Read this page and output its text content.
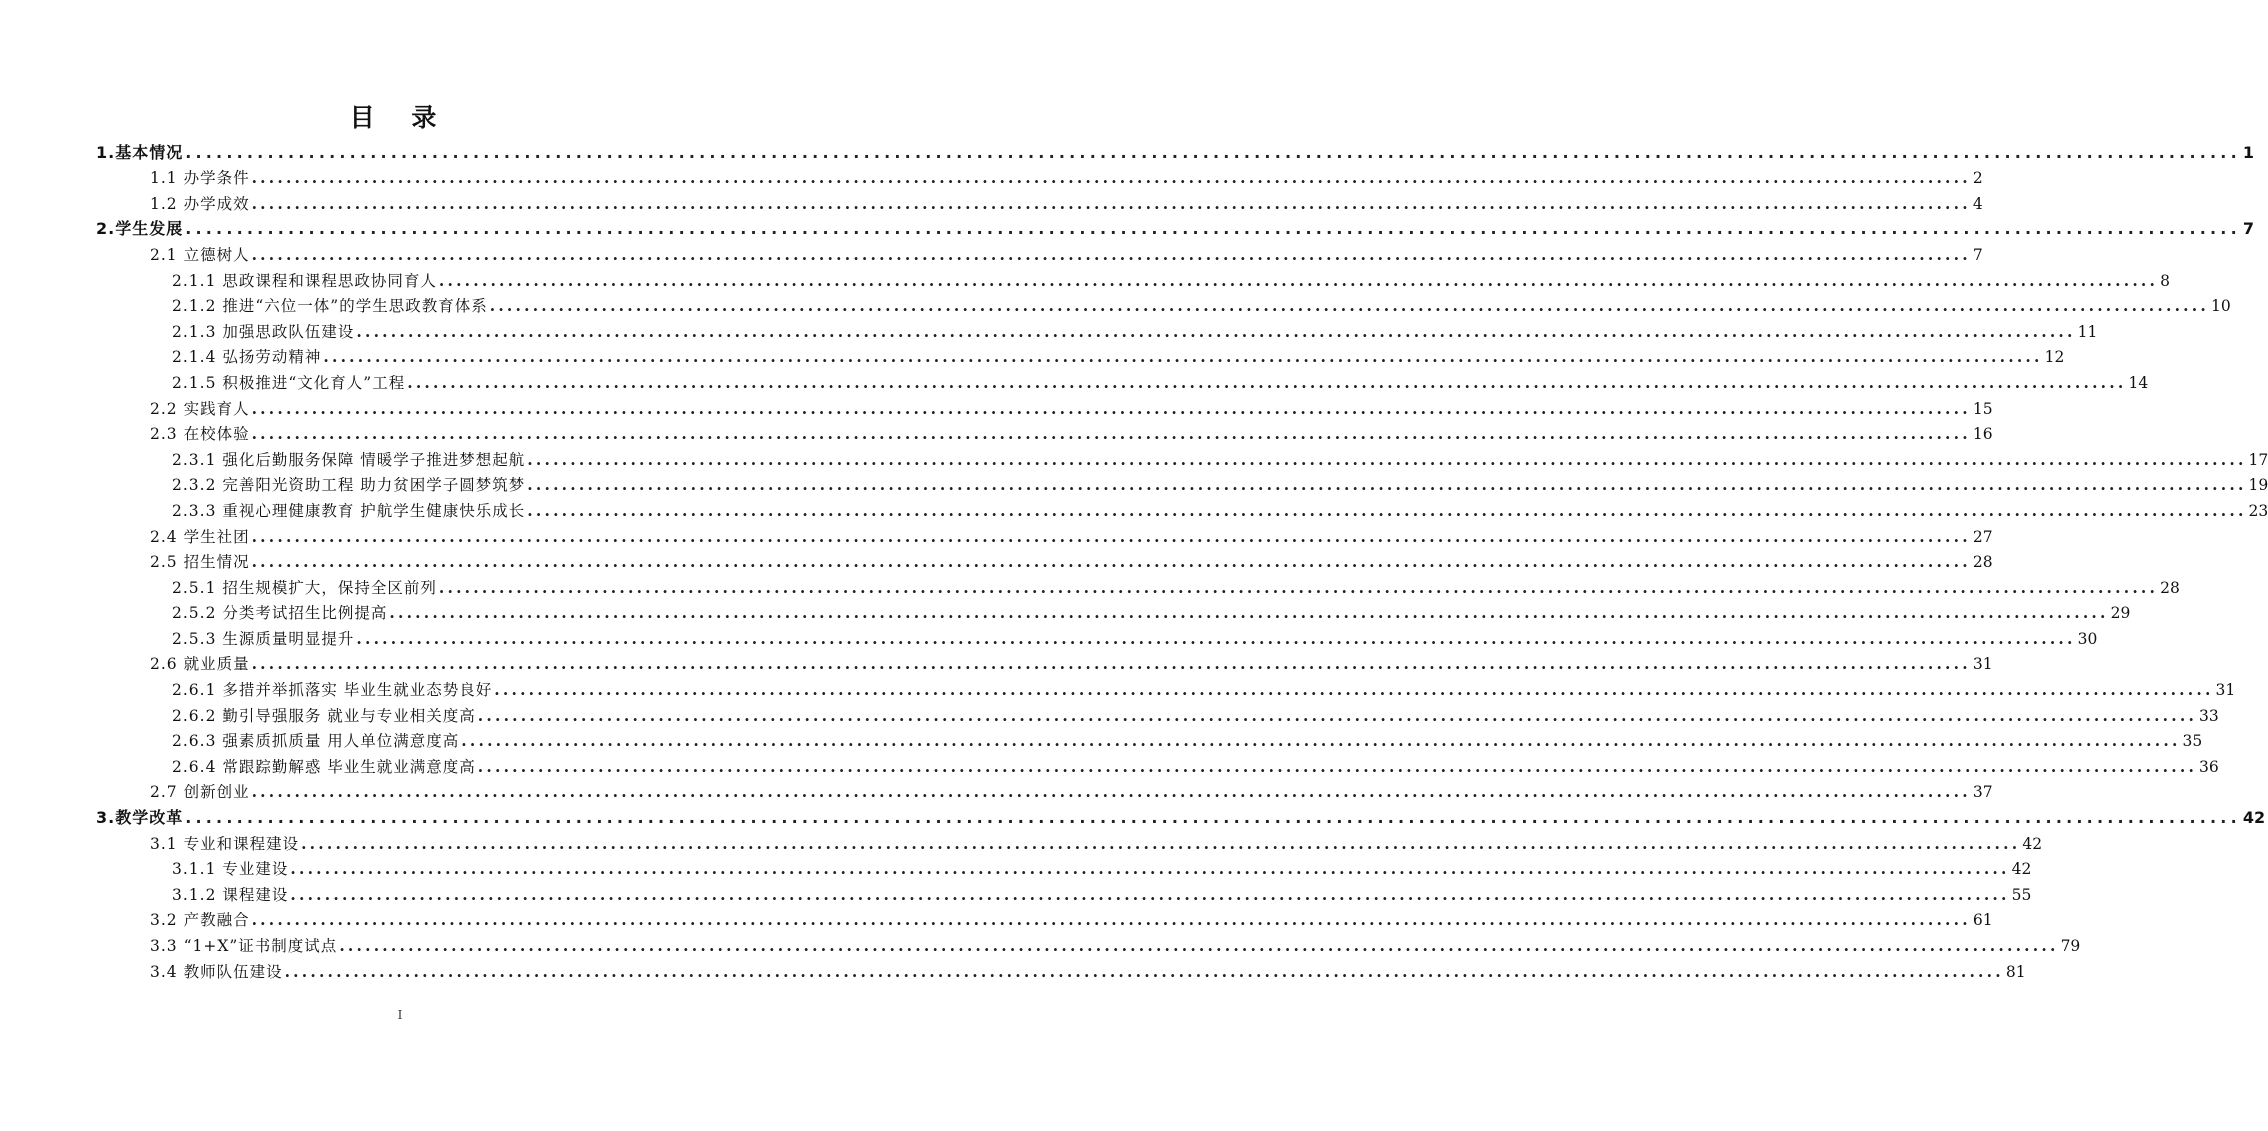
目 录
1.基本情况 ........................................................................................................................................................................................................ 1
1.1 办学条件 ........................................................................................................................................................................................................ 2
1.2 办学成效 ........................................................................................................................................................................................................ 4
2.学生发展 ........................................................................................................................................................................................................ 7
2.1 立德树人 ........................................................................................................................................................................................................ 7
2.1.1 思政课程和课程思政协同育人 ........................................................................................................................................................................................................ 8
2.1.2 推进“六位一体”的学生思政教育体系 ........................................................................................................................................................................................................ 10
2.1.3 加强思政队伍建设 ........................................................................................................................................................................................................ 11
2.1.4 弘扬劳动精神 ........................................................................................................................................................................................................ 12
2.1.5 积极推进“文化育人”工程 ........................................................................................................................................................................................................ 14
2.2 实践育人 ........................................................................................................................................................................................................ 15
2.3 在校体验 ........................................................................................................................................................................................................ 16
2.3.1 强化后勤服务保障 情暖学子推进梦想起航 ........................................................................................................................................................................................................ 17
2.3.2 完善阳光资助工程 助力贫困学子圆梦筑梦 ........................................................................................................................................................................................................ 19
2.3.3 重视心理健康教育 护航学生健康快乐成长 ........................................................................................................................................................................................................ 23
2.4 学生社团 ........................................................................................................................................................................................................ 27
2.5 招生情况 ........................................................................................................................................................................................................ 28
2.5.1 招生规模扩大，保持全区前列 ........................................................................................................................................................................................................ 28
2.5.2 分类考试招生比例提高 ........................................................................................................................................................................................................ 29
2.5.3 生源质量明显提升 ........................................................................................................................................................................................................ 30
2.6 就业质量 ........................................................................................................................................................................................................ 31
2.6.1 多措并举抓落实 毕业生就业态势良好 ........................................................................................................................................................................................................ 31
2.6.2 勤引导强服务 就业与专业相关度高 ........................................................................................................................................................................................................ 33
2.6.3 强素质抓质量 用人单位满意度高 ........................................................................................................................................................................................................ 35
2.6.4 常跟踪勤解惑 毕业生就业满意度高 ........................................................................................................................................................................................................ 36
2.7 创新创业 ........................................................................................................................................................................................................ 37
3.教学改革 ........................................................................................................................................................................................................ 42
3.1 专业和课程建设 ........................................................................................................................................................................................................ 42
3.1.1 专业建设 ........................................................................................................................................................................................................ 42
3.1.2 课程建设 ........................................................................................................................................................................................................ 55
3.2 产教融合 ........................................................................................................................................................................................................ 61
3.3 “1+X”证书制度试点 ........................................................................................................................................................................................................ 79
3.4 教师队伍建设 ........................................................................................................................................................................................................ 81
I
